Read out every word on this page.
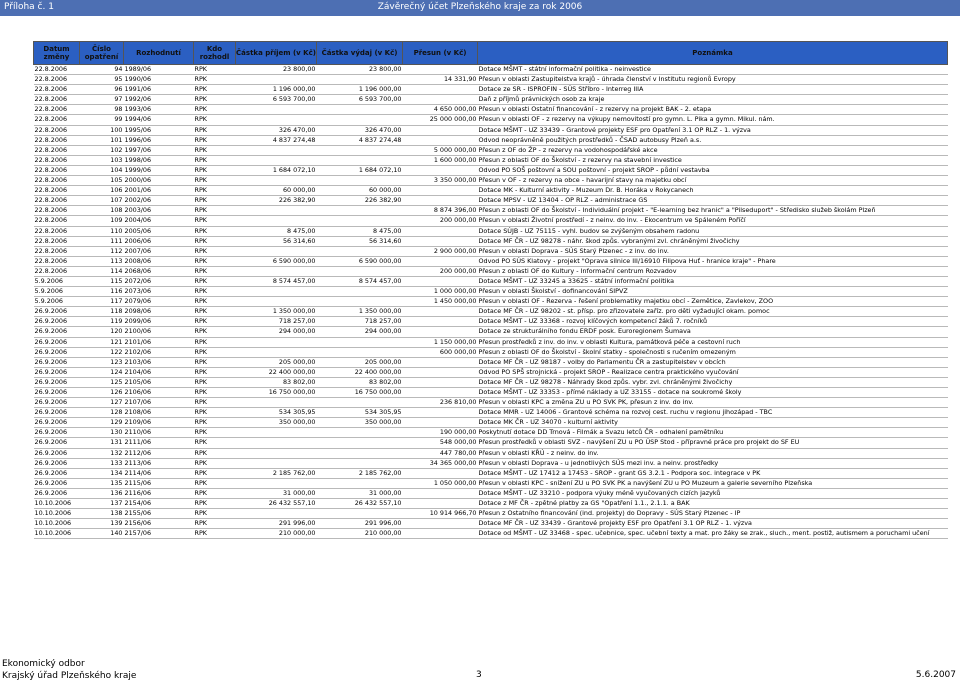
Příloha č. 1	Závěrečný účet Plzeňského kraje za rok 2006
Datum změny	Číslo opatření	Rozhodnutí	Kdo rozhodl	Částka příjem (v Kč)	Částka výdaj (v Kč)	Přesun (v Kč)	Poznámka
22.8.2006	94	1989/06	RPK	23 800,00	23 800,00		Dotace MŠMT - státní informační politika - neinvestice
22.8.2006	95	1990/06	RPK			14 331,90	Přesun v oblasti Zastupitelstva krajů - úhrada členství v Institutu regionů Evropy
22.8.2006	96	1991/06	RPK	1 196 000,00	1 196 000,00		Dotace ze SR - ISPROFIN - SÚS Stříbro - Interreg IIIA
22.8.2006	97	1992/06	RPK	6 593 700,00	6 593 700,00		Daň z příjmů právnických osob za kraje
22.8.2006	98	1993/06	RPK			4 650 000,00	Přesun v oblasti Ostatní financování - z rezervy na projekt BAK - 2. etapa
22.8.2006	99	1994/06	RPK			25 000 000,00	Přesun v oblasti OF - z rezervy na výkupy nemovitostí pro gymn. L. Pika a gymn. Mikul. nám.
22.8.2006	100	1995/06	RPK	326 470,00	326 470,00		Dotace MŠMT - UZ 33439 - Grantové projekty ESF pro Opatření 3.1 OP RLZ - 1. výzva
22.8.2006	101	1996/06	RPK	4 837 274,48	4 837 274,48		Odvod neoprávněně použitých prostředků - ČSAD autobusy Plzeň a.s.
22.8.2006	102	1997/06	RPK			5 000 000,00	Přesun z OF do ŽP - z rezervy na vodohospodářské akce
22.8.2006	103	1998/06	RPK			1 600 000,00	Přesun z oblasti OF do Školství - z rezervy na stavební investice
22.8.2006	104	1999/06	RPK	1 684 072,10	1 684 072,10		Odvod PO SOŠ poštovní a SOU poštovní - projekt SROP - půdní vestavba
22.8.2006	105	2000/06	RPK			3 350 000,00	Přesun v OF - z rezervy na obce - havarijní stavy na majetku obcí
22.8.2006	106	2001/06	RPK	60 000,00	60 000,00		Dotace MK - Kulturní aktivity - Muzeum Dr. B. Horáka v Rokycanech
22.8.2006	107	2002/06	RPK	226 382,90	226 382,90		Dotace MPSV - UZ 13404 - OP RLZ - administrace GS
22.8.2006	108	2003/06	RPK			8 874 396,00	Přesun z oblasti OF do Školství - Individuální projekt - "E-learning bez hranic" a "Pilseduport" - Středisko služeb školám Plzeň
22.8.2006	109	2004/06	RPK			200 000,00	Přesun v oblasti Životní prostředí - z neinv. do inv. - Ekocentrum ve Spáleném Poříčí
22.8.2006	110	2005/06	RPK	8 475,00	8 475,00		Dotace SÚJB - UZ 75115 - vyhl. budov se zvýšeným obsahem radonu
22.8.2006	111	2006/06	RPK	56 314,60	56 314,60		Dotace MF ČR - UZ 98278 - náhr. škod způs. vybranými zvl. chráněnými živočichy
22.8.2006	112	2007/06	RPK			2 900 000,00	Přesun v oblasti Doprava - SÚS Starý Plzenec - z inv. do inv.
22.8.2006	113	2008/06	RPK	6 590 000,00	6 590 000,00		Odvod PO SÚS Klatovy - projekt "Oprava silnice III/16910 Filipova Huť - hranice kraje" - Phare
22.8.2006	114	2068/06	RPK			200 000,00	Přesun z oblasti OF do Kultury - Informační centrum Rozvadov
5.9.2006	115	2072/06	RPK	8 574 457,00	8 574 457,00		Dotace MŠMT - UZ 33245 a 33625 - státní informační politika
5.9.2006	116	2073/06	RPK			1 000 000,00	Přesun v oblasti Školství - dofinancování SIPVZ
5.9.2006	117	2079/06	RPK			1 450 000,00	Přesun v oblasti OF - Rezerva - řešení problematiky majetku obcí - Zemětice, Zavlekov, ZOO
26.9.2006	118	2098/06	RPK	1 350 000,00	1 350 000,00		Dotace MF ČR - UZ 98202 - st. přísp. pro zřizovatele zaříz. pro děti vyžadující okam. pomoc
26.9.2006	119	2099/06	RPK	718 257,00	718 257,00		Dotace MŠMT - UZ 33368 - rozvoj klíčových kompetencí žáků 7. ročníků
26.9.2006	120	2100/06	RPK	294 000,00	294 000,00		Dotace ze strukturálního fondu ERDF posk. Euroregionem Šumava
26.9.2006	121	2101/06	RPK			1 150 000,00	Přesun prostředků z inv. do inv. v oblasti Kultura, památková péče a cestovní ruch
26.9.2006	122	2102/06	RPK			600 000,00	Přesun z oblasti OF do Školství - školní statky - společnosti s ručením omezeným
26.9.2006	123	2103/06	RPK	205 000,00	205 000,00		Dotace MF ČR - UZ 98187 - volby do Parlamentu ČR a zastupitelstev v obcích
26.9.2006	124	2104/06	RPK	22 400 000,00	22 400 000,00		Odvod PO SPŠ strojnická - projekt SROP - Realizace centra praktického vyučování
26.9.2006	125	2105/06	RPK	83 802,00	83 802,00		Dotace MF ČR - UZ 98278 - Náhrady škod způs. vybr. zvl. chráněnými živočichy
26.9.2006	126	2106/06	RPK	16 750 000,00	16 750 000,00		Dotace MŠMT - UZ 33353 - přímé náklady a UZ 33155 - dotace na soukromé školy
26.9.2006	127	2107/06	RPK			236 810,00	Přesun v oblasti KPC a změna ZU u PO SVK PK, přesun z inv. do inv.
26.9.2006	128	2108/06	RPK	534 305,95	534 305,95		Dotace MMR - UZ 14006 - Grantové schéma na rozvoj cest. ruchu v regionu jihozápad - TBC
26.9.2006	129	2109/06	RPK	350 000,00	350 000,00		Dotace MK ČR - UZ 34070 - kulturní aktivity
26.9.2006	130	2110/06	RPK			190 000,00	Poskytnutí dotace DD Trnová - Filmák a Svazu letců ČR - odhalení pamětníku
26.9.2006	131	2111/06	RPK			548 000,00	Přesun prostředků v oblasti SVZ - navýšení ZU u PO ÚSP Stod - přípravné práce pro projekt do SF EU
26.9.2006	132	2112/06	RPK			447 780,00	Přesun v oblasti KŘÚ - z neinv. do inv.
26.9.2006	133	2113/06	RPK			34 365 000,00	Přesun v oblasti Doprava - u jednotlivých SÚS mezi inv. a neinv. prostředky
26.9.2006	134	2114/06	RPK	2 185 762,00	2 185 762,00		Dotace MŠMT - UZ 17412 a 17453 - SROP - grant GS 3.2.1 - Podpora soc. integrace v PK
26.9.2006	135	2115/06	RPK			1 050 000,00	Přesun v oblasti KPC - snížení ZU u PO SVK PK a navýšení ZU u PO Muzeum a galerie severního Plzeňska
26.9.2006	136	2116/06	RPK	31 000,00	31 000,00		Dotace MŠMT - UZ 33210 - podpora výuky méně vyučovaných cizích jazyků
10.10.2006	137	2154/06	RPK	26 432 557,10	26 432 557,10		Dotace z MF ČR - zpětné platby za GS "Opatření 1.1., 2.1.1. a BAK
10.10.2006	138	2155/06	RPK			10 914 966,70	Přesun z Ostatního financování (ind. projekty) do Dopravy - SÚS Starý Plzenec - IP
10.10.2006	139	2156/06	RPK	291 996,00	291 996,00		Dotace MF ČR - UZ 33439 - Grantové projekty ESF pro Opatření 3.1 OP RLZ - 1. výzva
10.10.2006	140	2157/06	RPK	210 000,00	210 000,00		Dotace od MŠMT - UZ 33468 - spec. učebnice, spec. učební texty a mat. pro žáky se zrak., sluch., ment. postiž, autismem a poruchami učení
Ekonomický odbor
Krajský úřad Plzeňského kraje	3	5.6.2007
